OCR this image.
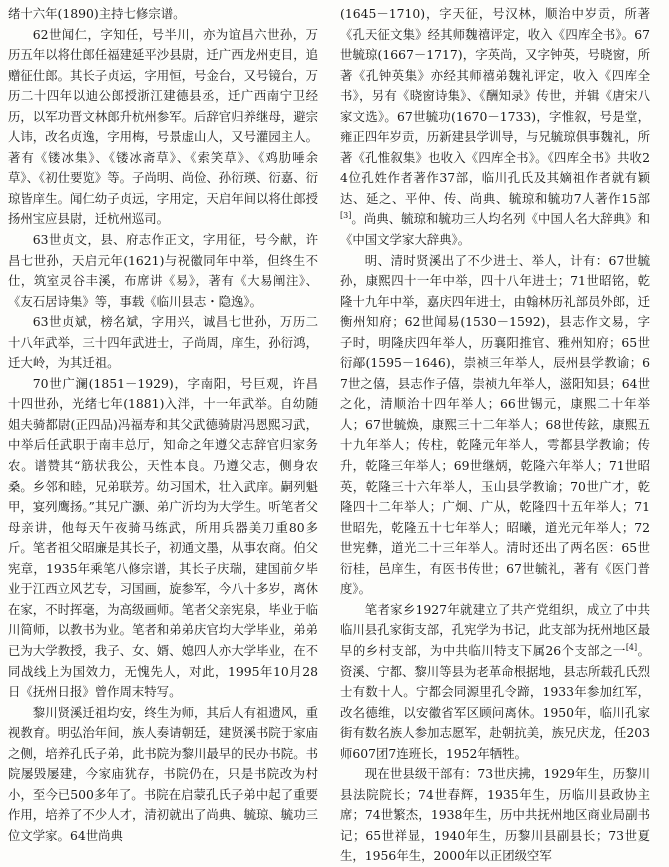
绪十六年(1890)主持七修宗谱。

62世闻仁，字知任，号半川，亦为谊昌六世孙，万历五年以将仕郎任福建延平沙县尉，迁广西龙州吏目，追赠征仕郎。其长子贞运，字用恒，号金台，又号镜台，万历二十四年以迪公郎授浙江建德县丞，迁广西南宁卫经历，以军功晋文林郎升杭州参军。后辞官归养继母，避宗人讳，改名贞逸，字用梅，号景虚山人，又号灌园主人。著有《镂冰集》、《镂冰斋草》、《索笑草》、《鸡肋唾余草》、《初仕要览》等。子尚明、尚俭、孙衍瑛、衍嘉、衍琼皆庠生。闻仁幼子贞远，字用定，天启年间以将仕郎授扬州宝应县尉，迁杭州巡司。

63世贞文，县、府志作正文，字用征，号今献，许昌七世孙，天启元年(1621)与祝徽同年中举，但终生不仕，筑室灵谷丰溪，布席讲《易》，著有《大易阐注》、《友石居诗集》等，事载《临川县志・隐逸》。

63世贞斌，榜名斌，字用兴，诚昌七世孙，万历二十八年武举，三十四年武进士，子尚周，庠生，孙衍鸿，迁大岭，为其迁祖。

70世广澜(1851－1929)，字南阳，号巨观，许昌十四世孙，光绪七年(1881)入泮，十一年武举。自幼随姐夫骑都尉(正四品)冯福寿和其父武德骑尉冯恩熙习武，中举后任武职于南丰总厅，知命之年遵父志辞官归家务农。谱赞其“筋状我公，天性本良。乃遵父志，侧身农桑。乡邻和睦，兄弟联芳。幼习国术，壮入武庠。嗣列魁甲，宴列鹰扬。”其兄广灏、弟广沂均为大学生。听笔者父母亲讲，他每天午夜骑马练武，所用兵器美刀重80多斤。笔者祖父昭廉是其长子，初通文墨，从事农商。伯父宪章，1935年乘笔八修宗谱，其长子庆瑞，建国前夕毕业于江西立风艺专，习国画，旋参军，今八十多岁，离休在家，不时挥毫，为高级画师。笔者父亲宪泉，毕业于临川简师，以教书为业。笔者和弟弟庆官均大学毕业，弟弟已为大学教授，我子、女、婿、媳四人亦大学毕业，在不同战线上为国效力，无愧先人，对此，1995年10月28日《抚州日报》曾作周末特写。

黎川贤溪迁祖均安，终生为师，其后人有祖遗风，重视教育。明弘治年间，族人奏请朝廷，建贤溪书院于家庙之侧，培养孔氏子弟，此书院为黎川最早的民办书院。书院屡毁屡建，今家庙犹存，书院仍在，只是书院改为村小，至今已500多年了。书院在启蒙孔氏子弟中起了重要作用，培养了不少人才，清初就出了尚典、毓琼、毓功三位文学家。64世尚典

(1645－1710)，字天征，号汉林，顺治中岁贡，所著《孔天征文集》经其师魏禧评定，收入《四库全书》。67世毓琼(1667－1717)，字英尚，又字钟英，号晓窗，所著《孔钟英集》亦经其师禧弟魏礼评定，收入《四库全书》，另有《晓窗诗集》、《酬知录》传世，并辑《唐宋八家文选》。67世毓功(1670－1733)，字惟叙，号是堂，雍正四年岁贡，历新建县学训导，与兄毓琼俱事魏礼，所著《孔惟叙集》也收入《四库全书》。《四库全书》共收24位孔姓作者著作37部，临川孔氏及其嫡祖作者就有颖达、延之、平仲、传、尚典、毓琼和毓功7人著作15部[3]。尚典、毓琼和毓功三人均名列《中国人名大辞典》和《中国文学家大辞典》。

明、清时贤溪出了不少进士、举人，计有：67世毓孙，康熙四十一年中举，四十八年进士；71世昭铭，乾隆十九年中举，嘉庆四年进士，由翰林历礼部员外郎，迁衡州知府；62世闻易(1530－1592)，县志作文易，字子时，明隆庆四年举人，历襄阳推官、雅州知府；65世衍鄗(1595－1646)，崇祯三年举人，辰州县学教谕；67世之僖，县志作子僖，崇祯九年举人，滋阳知县；64世之化，清顺治十四年举人；66世锡元，康熙二十年举人；67世毓焕，康熙三十二年举人；68世传鉉，康熙五十九年举人；传柱，乾隆元年举人，雩都县学教谕；传升，乾隆三年举人；69世继炳，乾隆六年举人；71世昭英，乾隆三十六年举人，玉山县学教谕；70世广才，乾隆四十二年举人；广炯、广从，乾隆四十五年举人；71世昭先，乾隆五十七年举人；昭曦，道光元年举人；72世宪彝，道光二十三年举人。清时还出了两名医：65世衍桂，邑庠生，有医书传世；67世毓礼，著有《医门普度》。

笔者家乡1927年就建立了共产党组织，成立了中共临川县孔家街支部，孔宪学为书记，此支部为抚州地区最早的乡村支部，为中共临川特支下属26个支部之一[4]。资溪、宁都、黎川等县为老革命根据地，县志所载孔氏烈士有数十人。宁都会同源里孔令蹄，1933年参加红军，改名德维，以安徽省军区顾问离休。1950年，临川孔家街有数名族人参加志愿军，赴朝抗美，族兄庆龙，任203师607团7连班长，1952年牺牲。

现在世县级干部有：73世庆拂，1929年生，历黎川县法院院长；74世春辉，1935年生，历临川县政协主席；74世繁杰，1938年生，历中共抚州地区商业局副书记；65世祥显，1940年生，历黎川县副县长；73世夏生，1956年生，2000年以正团级空军
